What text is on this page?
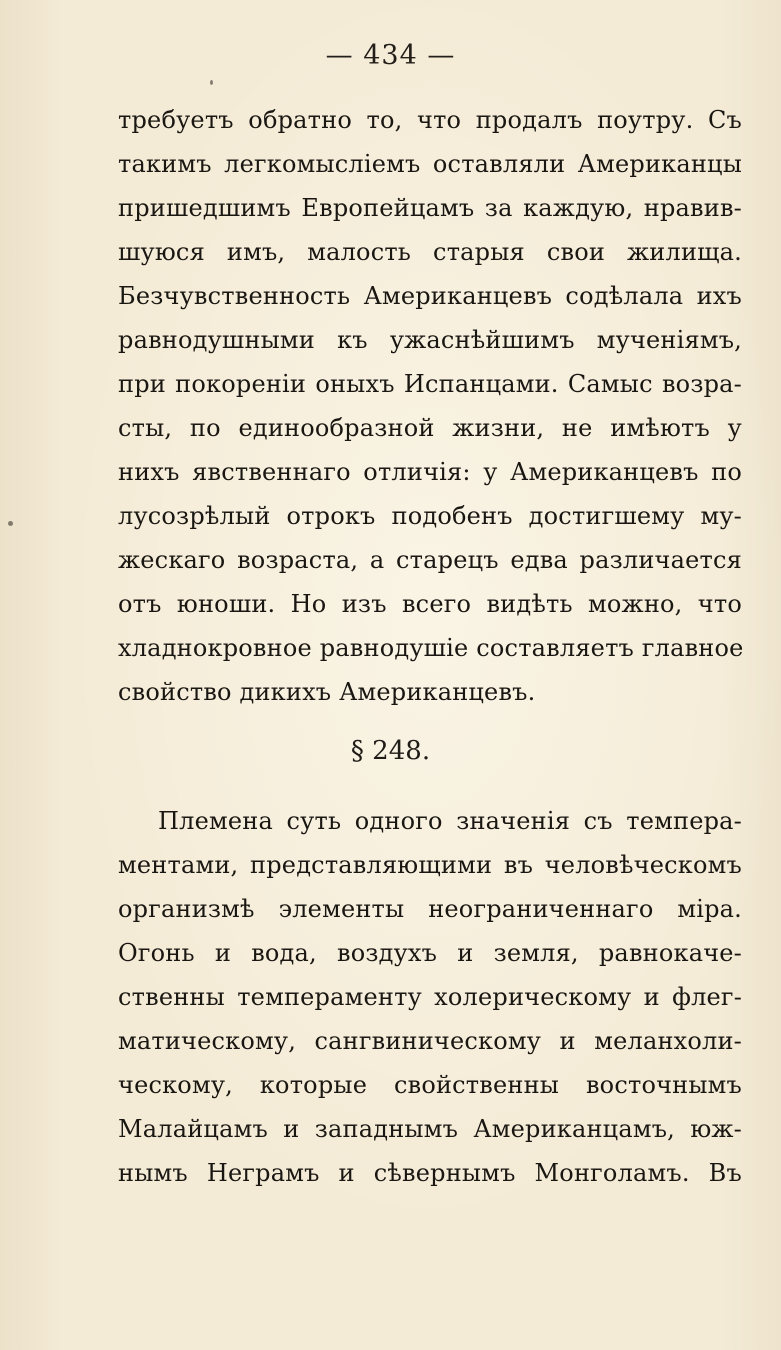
— 434 —
требуетъ обратно то, что продалъ поутру. Съ
такимъ легкомысліемъ оставляли Американцы
пришедшимъ Европейцамъ за каждую, нравив-
шуюся имъ, малость старыя свои жилища.
Безчувственность Американцевъ содѣлала ихъ
равнодушными къ ужаснѣйшимъ мученіямъ,
при покореніи оныхъ Испанцами. Самыс возра-
сты, по единообразной жизни, не имѣютъ у
нихъ явственнаго отличія: у Американцевъ по
лусозрѣлый отрокъ подобенъ достигшему му-
жескаго возраста, а старецъ едва различается
отъ юноши. Но изъ всего видѣть можно, что
хладнокровное равнодушіе составляетъ главное
свойство дикихъ Американцевъ.
§ 248.
Племена суть одного значенія съ темпера-
ментами, представляющими въ человѣческомъ
организмѣ элементы неограниченнаго міра.
Огонь и вода, воздухъ и земля, равнокаче-
ственны темпераменту холерическому и флег-
матическому, сангвиническому и меланхоли-
ческому, которые свойственны восточнымъ
Малайцамъ и западнымъ Американцамъ, юж-
нымъ Неграмъ и сѣвернымъ Монголамъ. Въ
